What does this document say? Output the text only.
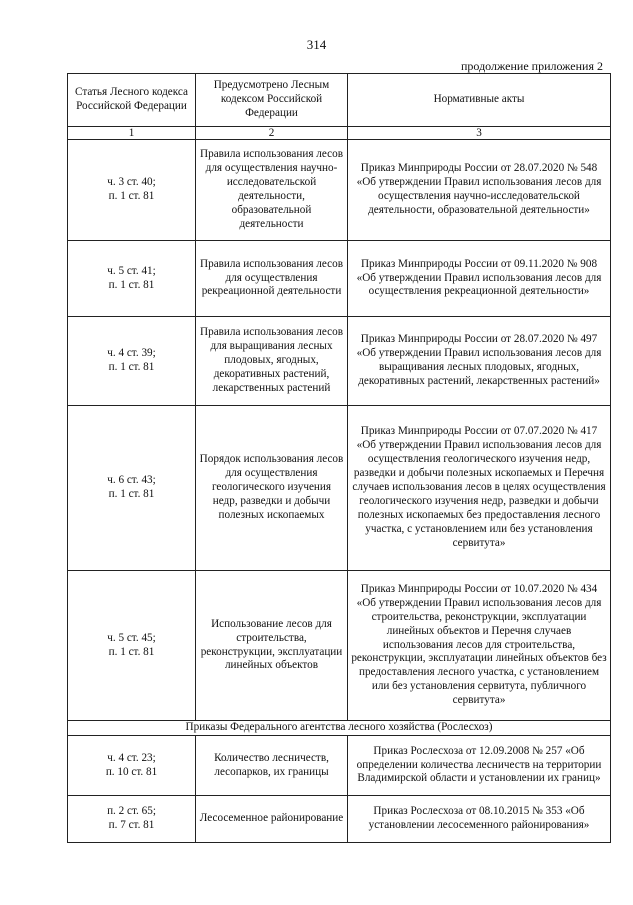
314
продолжение приложения 2
Статья Лесного кодекса Российской Федерации	Предусмотрено Лесным кодексом Российской Федерации	Нормативные акты
1	2	3
ч. 3 ст. 40;
п. 1 ст. 81	Правила использования лесов для осуществления научно-исследовательской деятельности, образовательной деятельности	Приказ Минприроды России от 28.07.2020 № 548 «Об утверждении Правил использования лесов для осуществления научно-исследовательской деятельности, образовательной деятельности»
ч. 5 ст. 41;
п. 1 ст. 81	Правила использования лесов для осуществления рекреационной деятельности	Приказ Минприроды России от 09.11.2020 № 908 «Об утверждении Правил использования лесов для осуществления рекреационной деятельности»
ч. 4 ст. 39;
п. 1 ст. 81	Правила использования лесов для выращивания лесных плодовых, ягодных, декоративных растений, лекарственных растений	Приказ Минприроды России от 28.07.2020 № 497 «Об утверждении Правил использования лесов для выращивания лесных плодовых, ягодных, декоративных растений, лекарственных растений»
ч. 6 ст. 43;
п. 1 ст. 81	Порядок использования лесов для осуществления геологического изучения недр, разведки и добычи полезных ископаемых	Приказ Минприроды России от 07.07.2020 № 417 «Об утверждении Правил использования лесов для осуществления геологического изучения недр, разведки и добычи полезных ископаемых и Перечня случаев использования лесов в целях осуществления геологического изучения недр, разведки и добычи полезных ископаемых без предоставления лесного участка, с установлением или без установления сервитута»
ч. 5 ст. 45;
п. 1 ст. 81	Использование лесов для строительства, реконструкции, эксплуатации линейных объектов	Приказ Минприроды России от 10.07.2020 № 434 «Об утверждении Правил использования лесов для строительства, реконструкции, эксплуатации линейных объектов и Перечня случаев использования лесов для строительства, реконструкции, эксплуатации линейных объектов без предоставления лесного участка, с установлением или без установления сервитута, публичного сервитута»
Приказы Федерального агентства лесного хозяйства (Рослесхоз)		
ч. 4 ст. 23;
п. 10 ст. 81	Количество лесничеств, лесопарков, их границы	Приказ Рослесхоза от 12.09.2008 № 257 «Об определении количества лесничеств на территории Владимирской области и установлении их границ»
п. 2 ст. 65;
п. 7 ст. 81	Лесосеменное районирование	Приказ Рослесхоза от 08.10.2015 № 353 «Об установлении лесосеменного районирования»
